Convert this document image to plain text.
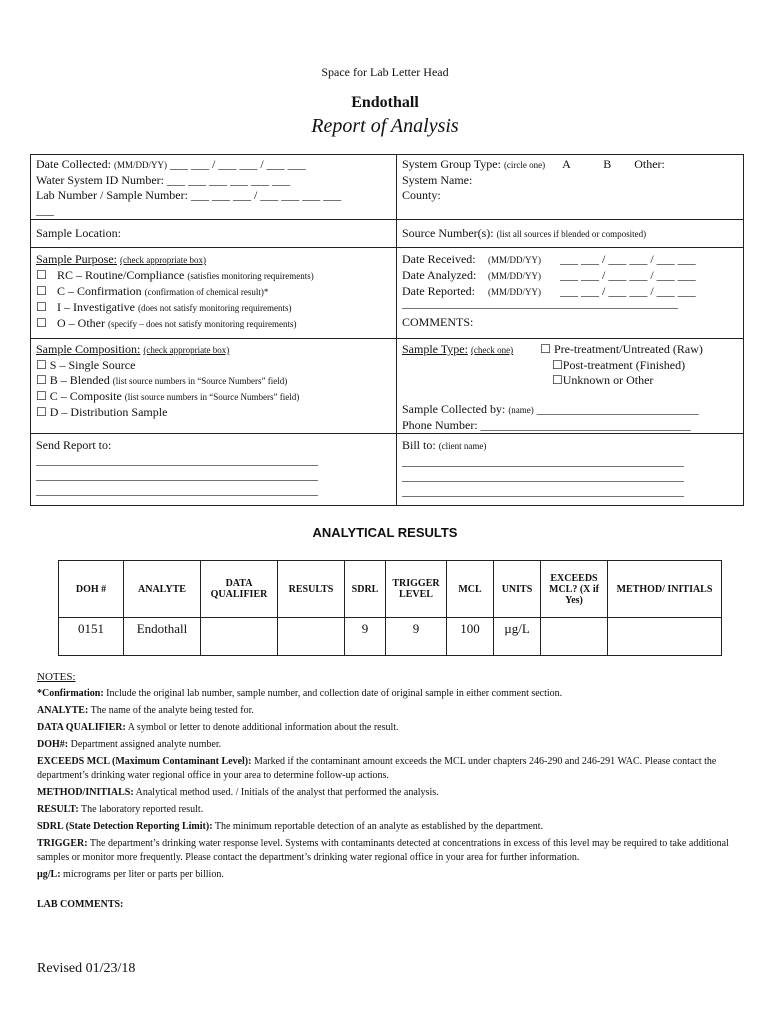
Space for Lab Letter Head
Endothall
Report of Analysis
Date Collected: (MM/DD/YY) ___ ___ / ___ ___ / ___ ___
Water System ID Number: ___ ___ ___ ___ ___ ___
Lab Number / Sample Number: ___ ___ ___ / ___ ___ ___ ___
___
System Group Type: (circle one) A	B Other:
System Name:
County:
Sample Location:	Source Number(s): (list all sources if blended or composited)
Sample Purpose: (check appropriate box)
☐ RC – Routine/Compliance (satisfies monitoring requirements)
☐ C – Confirmation (confirmation of chemical result)*
☐ I – Investigative (does not satisfy monitoring requirements)
☐ O – Other (specify – does not satisfy monitoring requirements)
Date Received: (MM/DD/YY) ___ ___ / ___ ___ / ___ ___
Date Analyzed: (MM/DD/YY) ___ ___ / ___ ___ / ___ ___
Date Reported: (MM/DD/YY) ___ ___ / ___ ___ / ___ ___
______________________________________________
COMMENTS:
Sample Composition: (check appropriate box)
☐ S – Single Source
☐ B – Blended (list source numbers in “Source Numbers” field)
☐ C – Composite (list source numbers in “Source Numbers” field)
☐ D – Distribution Sample
Sample Type: (check one) ☐ Pre-treatment/Untreated (Raw)
☐Post-treatment (Finished)
☐Unknown or Other
Sample Collected by: (name) ___________________________
Phone Number: ___________________________________
Send Report to:
_______________________________________________
_______________________________________________
_______________________________________________
Bill to: (client name)
_______________________________________________
_______________________________________________
_______________________________________________
ANALYTICAL RESULTS
DOH #	ANALYTE	DATA QUALIFIER	RESULTS	SDRL	TRIGGER LEVEL	MCL	UNITS	EXCEEDS MCL? (X if Yes)	METHOD/ INITIALS
0151	Endothall			9	9	100	µg/L		

NOTES:

*Confirmation: Include the original lab number, sample number, and collection date of original sample in either comment section.

ANALYTE: The name of the analyte being tested for.

DATA QUALIFIER: A symbol or letter to denote additional information about the result.

DOH#: Department assigned analyte number.

EXCEEDS MCL (Maximum Contaminant Level): Marked if the contaminant amount exceeds the MCL under chapters 246-290 and 246-291 WAC. Please contact the department’s drinking water regional office in your area to determine follow-up actions.

METHOD/INITIALS: Analytical method used. / Initials of the analyst that performed the analysis.

RESULT: The laboratory reported result.

SDRL (State Detection Reporting Limit): The minimum reportable detection of an analyte as established by the department.

TRIGGER: The department’s drinking water response level. Systems with contaminants detected at concentrations in excess of this level may be required to take additional samples or monitor more frequently. Please contact the department’s drinking water regional office in your area for further information.

µg/L: micrograms per liter or parts per billion.

LAB COMMENTS:

Revised 01/23/18
